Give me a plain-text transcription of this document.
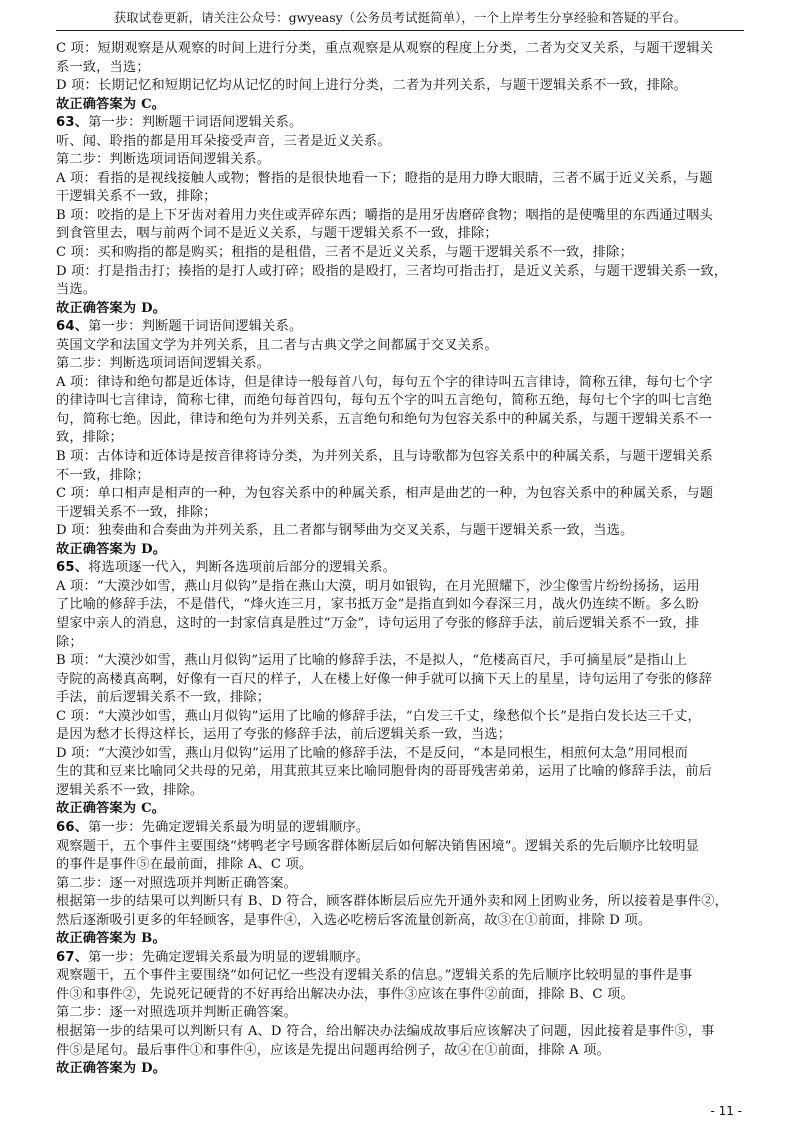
获取试卷更新，请关注公众号：gwyeasy（公务员考试挺简单），一个上岸考生分享经验和答疑的平台。
C 项：短期观察是从观察的时间上进行分类，重点观察是从观察的程度上分类，二者为交叉关系，与题干逻辑关
系一致，当选；
D 项：长期记忆和短期记忆均从记忆的时间上进行分类，二者为并列关系，与题干逻辑关系不一致，排除。
故正确答案为 C。
63、第一步：判断题干词语间逻辑关系。
听、闻、聆指的都是用耳朵接受声音，三者是近义关系。
第二步：判断选项词语间逻辑关系。
A 项：看指的是视线接触人或物；瞥指的是很快地看一下；瞪指的是用力睁大眼睛，三者不属于近义关系，与题
干逻辑关系不一致，排除；
B 项：咬指的是上下牙齿对着用力夹住或弄碎东西；嚼指的是用牙齿磨碎食物；咽指的是使嘴里的东西通过咽头
到食管里去，咽与前两个词不是近义关系，与题干逻辑关系不一致，排除；
C 项：买和购指的都是购买；租指的是租借，三者不是近义关系，与题干逻辑关系不一致，排除；
D 项：打是指击打；揍指的是打人或打碎；殴指的是殴打，三者均可指击打，是近义关系，与题干逻辑关系一致，
当选。
故正确答案为 D。
64、第一步：判断题干词语间逻辑关系。
英国文学和法国文学为并列关系，且二者与古典文学之间都属于交叉关系。
第二步：判断选项词语间逻辑关系。
A 项：律诗和绝句都是近体诗，但是律诗一般每首八句，每句五个字的律诗叫五言律诗，简称五律，每句七个字
的律诗叫七言律诗，简称七律，而绝句每首四句，每句五个字的叫五言绝句，简称五绝，每句七个字的叫七言绝
句，简称七绝。因此，律诗和绝句为并列关系，五言绝句和绝句为包容关系中的种属关系，与题干逻辑关系不一
致，排除；
B 项：古体诗和近体诗是按音律将诗分类，为并列关系，且与诗歌都为包容关系中的种属关系，与题干逻辑关系
不一致，排除；
C 项：单口相声是相声的一种，为包容关系中的种属关系，相声是曲艺的一种，为包容关系中的种属关系，与题
干逻辑关系不一致，排除；
D 项：独奏曲和合奏曲为并列关系，且二者都与钢琴曲为交叉关系，与题干逻辑关系一致，当选。
故正确答案为 D。
65、将选项逐一代入，判断各选项前后部分的逻辑关系。
A 项：“大漠沙如雪，燕山月似钩”是指在燕山大漠，明月如银钩，在月光照耀下，沙尘像雪片纷纷扬扬，运用
了比喻的修辞手法，不是借代，“烽火连三月，家书抵万金”是指直到如今春深三月，战火仍连续不断。多么盼
望家中亲人的消息，这时的一封家信真是胜过“万金”，诗句运用了夸张的修辞手法，前后逻辑关系不一致，排
除；
B 项：“大漠沙如雪，燕山月似钩”运用了比喻的修辞手法，不是拟人，“危楼高百尺，手可摘星辰”是指山上
寺院的高楼真高啊，好像有一百尺的样子，人在楼上好像一伸手就可以摘下天上的星星，诗句运用了夸张的修辞
手法，前后逻辑关系不一致，排除；
C 项：“大漠沙如雪，燕山月似钩”运用了比喻的修辞手法，“白发三千丈，缘愁似个长”是指白发长达三千丈，
是因为愁才长得这样长，运用了夸张的修辞手法，前后逻辑关系一致，当选；
D 项：“大漠沙如雪，燕山月似钩”运用了比喻的修辞手法，不是反问，“本是同根生，相煎何太急”用同根而
生的萁和豆来比喻同父共母的兄弟，用萁煎其豆来比喻同胞骨肉的哥哥残害弟弟，运用了比喻的修辞手法，前后
逻辑关系不一致，排除。
故正确答案为 C。
66、第一步：先确定逻辑关系最为明显的逻辑顺序。
观察题干，五个事件主要围绕“烤鸭老字号顾客群体断层后如何解决销售困境”。逻辑关系的先后顺序比较明显
的事件是事件⑤在最前面，排除 A、C 项。
第二步：逐一对照选项并判断正确答案。
根据第一步的结果可以判断只有 B、D 符合，顾客群体断层后应先开通外卖和网上团购业务，所以接着是事件②，
然后逐渐吸引更多的年轻顾客，是事件④，入选必吃榜后客流量创新高，故③在①前面，排除 D 项。
故正确答案为 B。
67、第一步：先确定逻辑关系最为明显的逻辑顺序。
观察题干，五个事件主要围绕“如何记忆一些没有逻辑关系的信息。”逻辑关系的先后顺序比较明显的事件是事
件③和事件②，先说死记硬背的不好再给出解决办法，事件③应该在事件②前面，排除 B、C 项。
第二步：逐一对照选项并判断正确答案。
根据第一步的结果可以判断只有 A、D 符合，给出解决办法编成故事后应该解决了问题，因此接着是事件⑤，事
件⑤是尾句。最后事件①和事件④，应该是先提出问题再给例子，故④在①前面，排除 A 项。
故正确答案为 D。
- 11 -
